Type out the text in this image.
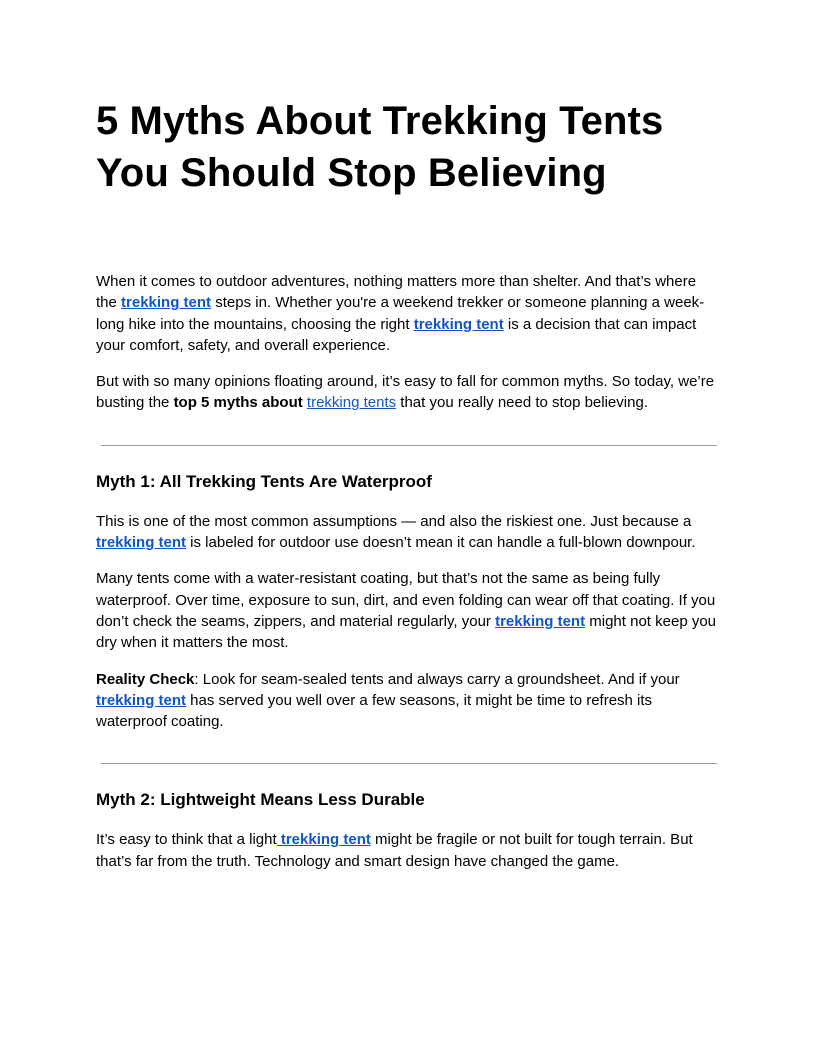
5 Myths About Trekking Tents
You Should Stop Believing

When it comes to outdoor adventures, nothing matters more than shelter. And that’s where the trekking tent steps in. Whether you're a weekend trekker or someone planning a week-long hike into the mountains, choosing the right trekking tent is a decision that can impact your comfort, safety, and overall experience.

But with so many opinions floating around, it’s easy to fall for common myths. So today, we’re busting the top 5 myths about trekking tents that you really need to stop believing.

Myth 1: All Trekking Tents Are Waterproof

This is one of the most common assumptions — and also the riskiest one. Just because a trekking tent is labeled for outdoor use doesn’t mean it can handle a full-blown downpour.

Many tents come with a water-resistant coating, but that’s not the same as being fully waterproof. Over time, exposure to sun, dirt, and even folding can wear off that coating. If you don’t check the seams, zippers, and material regularly, your trekking tent might not keep you dry when it matters the most.

Reality Check: Look for seam-sealed tents and always carry a groundsheet. And if your trekking tent has served you well over a few seasons, it might be time to refresh its waterproof coating.

Myth 2: Lightweight Means Less Durable

It’s easy to think that a light trekking tent might be fragile or not built for tough terrain. But that’s far from the truth. Technology and smart design have changed the game.
